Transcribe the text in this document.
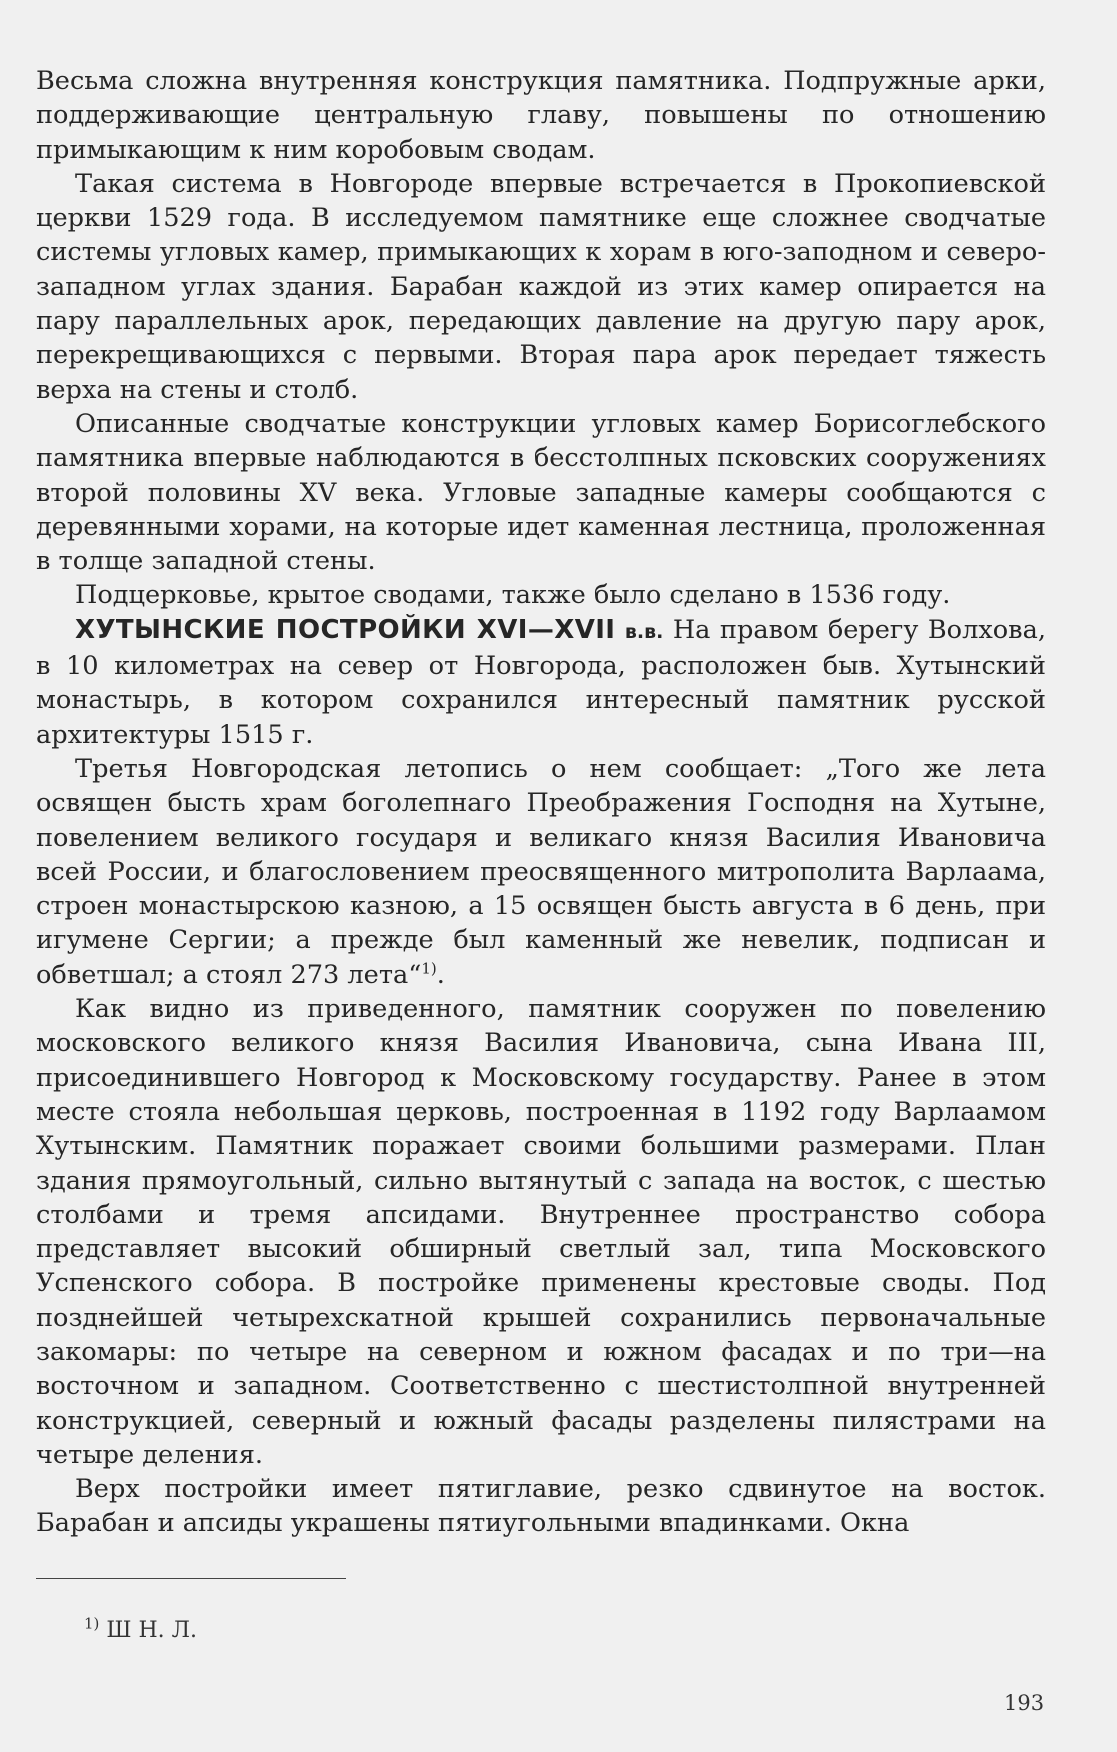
Весьма сложна внутренняя конструкция памятника. Подпружные арки, поддерживающие центральную главу, повышены по отношению примыкающим к ним коробовым сводам.

Такая система в Новгороде впервые встречается в Прокопиевской церкви 1529 года. В исследуемом памятнике еще сложнее сводчатые системы угловых камер, примыкающих к хорам в юго-заподном и северо-западном углах здания. Барабан каждой из этих камер опирается на пару параллельных арок, передающих давление на другую пару арок, перекрещивающихся с первыми. Вторая пара арок передает тяжесть верха на стены и столб.

Описанные сводчатые конструкции угловых камер Борисоглебского памятника впервые наблюдаются в бесстолпных псковских сооружениях второй половины XV века. Угловые западные камеры сообщаются с деревянными хорами, на которые идет каменная лестница, проложенная в толще западной стены.

Подцерковье, крытое сводами, также было сделано в 1536 году.

ХУТЫНСКИЕ ПОСТРОЙКИ XVI—XVII в.в. На правом берегу Волхова, в 10 километрах на север от Новгорода, расположен быв. Хутынский монастырь, в котором сохранился интересный памятник русской архитектуры 1515 г.

Третья Новгородская летопись о нем сообщает: „Того же лета освящен бысть храм боголепнаго Преображения Господня на Хутыне, повелением великого государя и великаго князя Василия Ивановича всей России, и благословением преосвященного митрополита Варлаама, строен монастырскою казною, а 15 освящен бысть августа в 6 день, при игумене Сергии; а прежде был каменный же невелик, подписан и обветшал; а стоял 273 лета“$^{1)}$.

Как видно из приведенного, памятник сооружен по повелению московского великого князя Василия Ивановича, сына Ивана III, присоединившего Новгород к Московскому государству. Ранее в этом месте стояла небольшая церковь, построенная в 1192 году Варлаамом Хутынским. Памятник поражает своими большими размерами. План здания прямоугольный, сильно вытянутый с запада на восток, с шестью столбами и тремя апсидами. Внутреннее пространство собора представляет высокий обширный светлый зал, типа Московского Успенского собора. В постройке применены крестовые своды. Под позднейшей четырехскатной крышей сохранились первоначальные закомары: по четыре на северном и южном фасадах и по три—на восточном и западном. Соответственно с шестистолпной внутренней конструкцией, северный и южный фасады разделены пилястрами на четыре деления.

Верх постройки имеет пятиглавие, резко сдвинутое на восток. Барабан и апсиды украшены пятиугольными впадинками. Окна

$^{1)}$ Ш Н. Л.
193
